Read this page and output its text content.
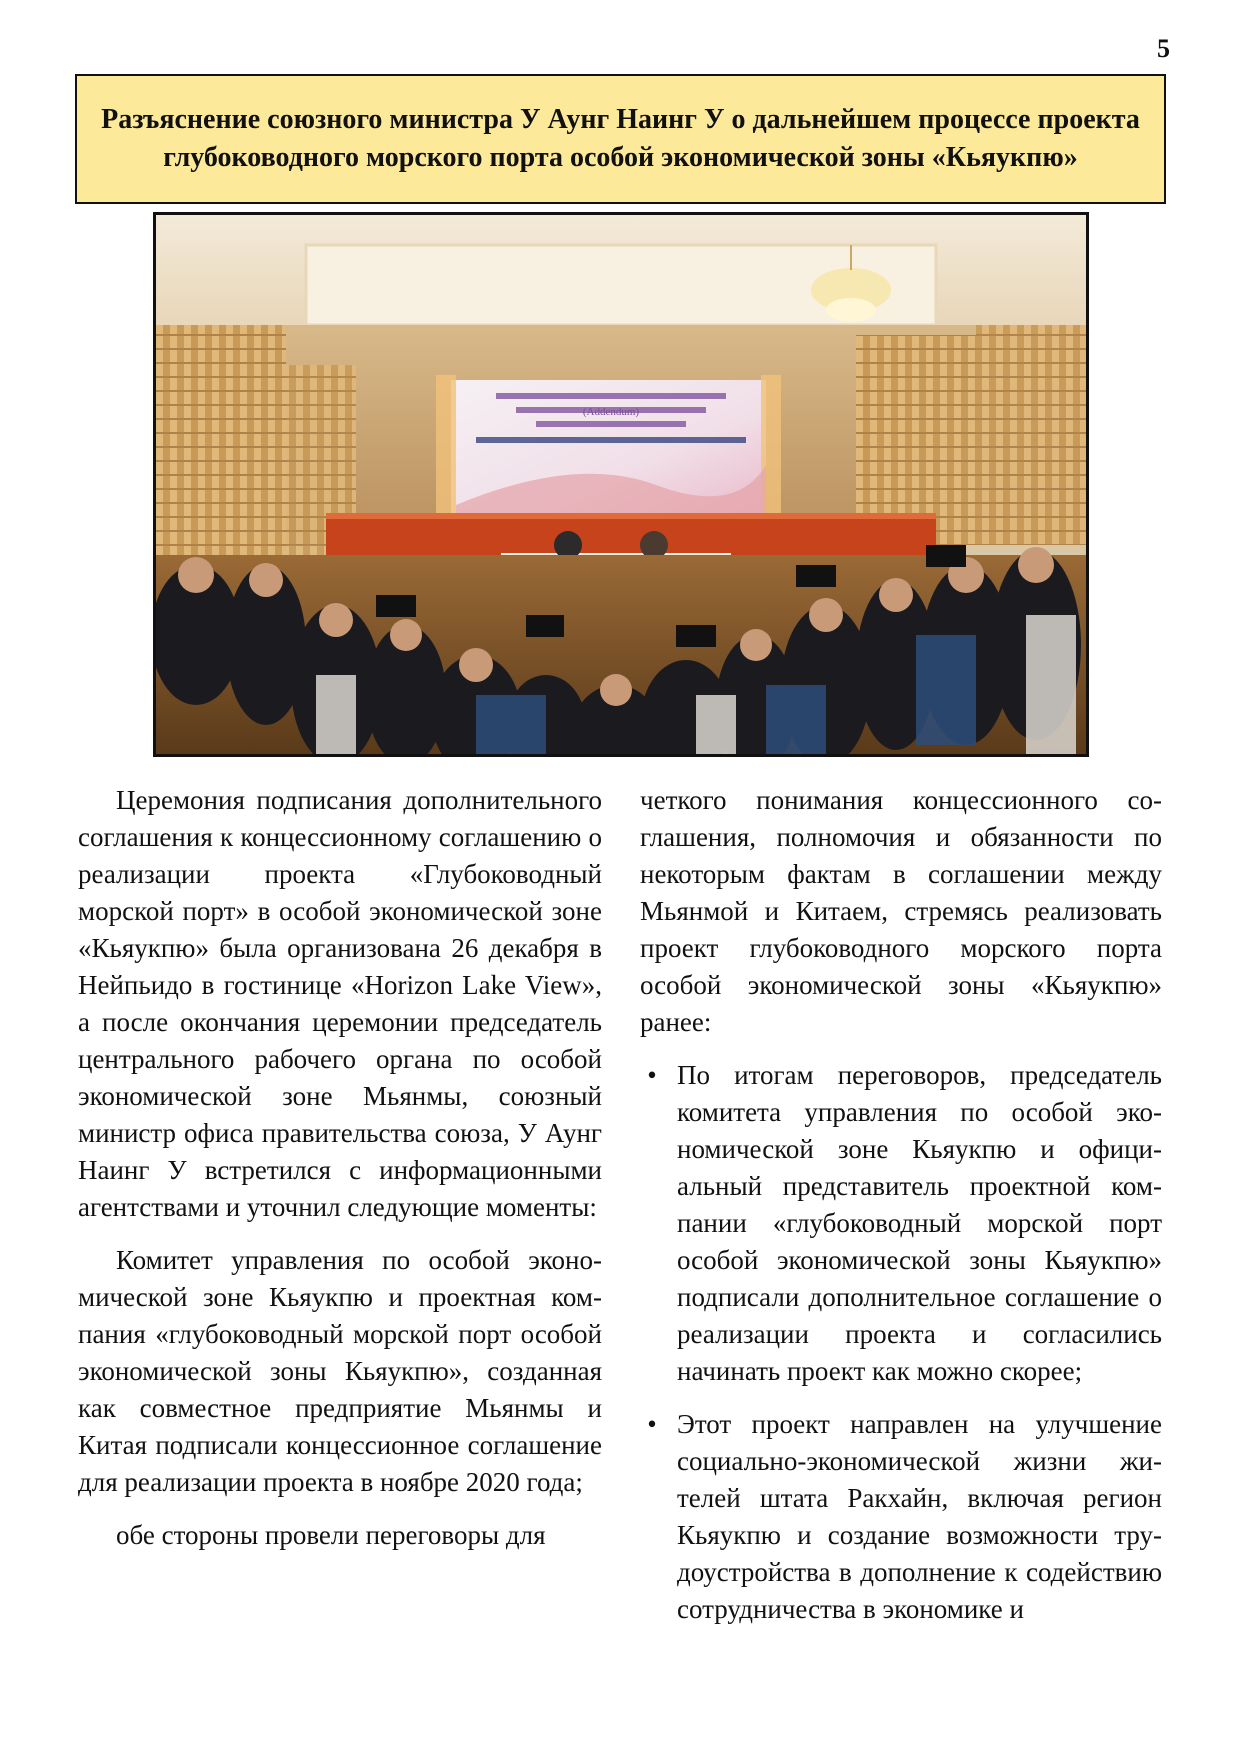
5
Разъяснение союзного министра У Аунг Наинг У о дальнейшем процессе проекта глубоководного морского порта особой экономической зоны «Кьяукпю»
(Addendum)

Церемония подписания дополнительного соглашения к концессионному соглашению о реализации проекта «Глубоководный морской порт» в особой экономической зоне «Кьяукпю» была организована 26 декабря в Нейпьидо в гостинице «Horizon Lake View», а после окончания церемонии председатель центрального рабочего органа по особой экономической зоне Мьянмы, союзный министр офиса правительства союза, У Аунг Наинг У встретился с информационными агентствами и уточнил следующие моменты:

Комитет управления по особой экономической зоне Кьяукпю и проектная компания «глубоководный морской порт особой экономической зоны Кьяукпю», созданная как совместное предприятие Мьянмы и Китая подписали концессионное соглашение для реализации проекта в ноябре 2020 года;

обе стороны провели переговоры для

четкого понимания концессионного соглашения, полномочия и обязанности по некоторым фактам в соглашении между Мьянмой и Китаем, стремясь реализовать проект глубоководного морского порта особой экономической зоны «Кьяукпю» ранее:

• По итогам переговоров, председатель комитета управления по особой экономической зоне Кьяукпю и официальный представитель проектной компании «глубоководный морской порт особой экономической зоны Кьяукпю» подписали дополнительное соглашение о реализации проекта и согласились начинать проект как можно скорее;
• Этот проект направлен на улучшение социально-экономической жизни жителей штата Ракхайн, включая регион Кьяукпю и создание возможности трудоустройства в дополнение к содействию сотрудничества в экономике и
